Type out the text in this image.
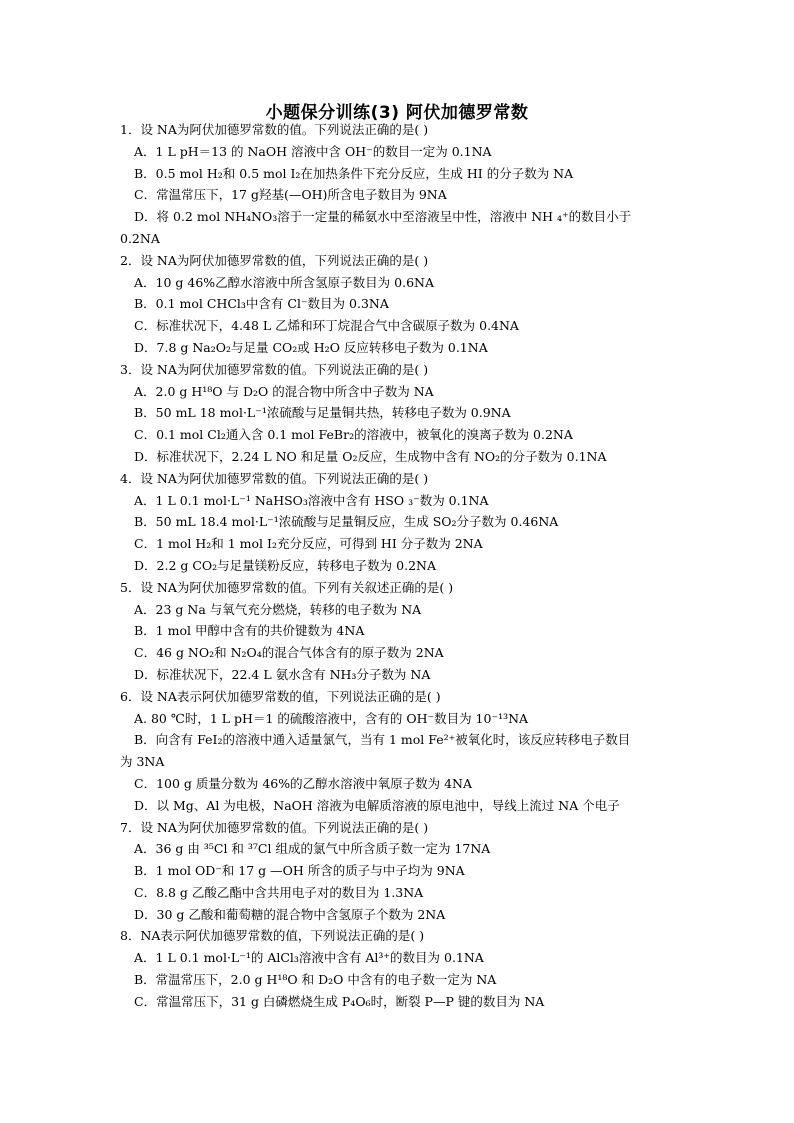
小题保分训练(3) 阿伏加德罗常数
1．设 NA为阿伏加德罗常数的值。下列说法正确的是( )
A．1 L pH＝13 的 NaOH 溶液中含 OH⁻的数目一定为 0.1NA
B．0.5 mol H₂和 0.5 mol I₂在加热条件下充分反应，生成 HI 的分子数为 NA
C．常温常压下，17 g羟基(—OH)所含电子数目为 9NA
D．将 0.2 mol NH₄NO₃溶于一定量的稀氨水中至溶液呈中性，溶液中 NH ₄⁺的数目小于
0.2NA
2．设 NA为阿伏加德罗常数的值，下列说法正确的是( )
A．10 g 46%乙醇水溶液中所含氢原子数目为 0.6NA
B．0.1 mol CHCl₃中含有 Cl⁻数目为 0.3NA
C．标准状况下，4.48 L 乙烯和环丁烷混合气中含碳原子数为 0.4NA
D．7.8 g Na₂O₂与足量 CO₂或 H₂O 反应转移电子数为 0.1NA
3．设 NA为阿伏加德罗常数的值。下列说法正确的是( )
A．2.0 g H¹⁸O 与 D₂O 的混合物中所含中子数为 NA
B．50 mL 18 mol·L⁻¹浓硫酸与足量铜共热，转移电子数为 0.9NA
C．0.1 mol Cl₂通入含 0.1 mol FeBr₂的溶液中，被氧化的溴离子数为 0.2NA
D．标准状况下，2.24 L NO 和足量 O₂反应，生成物中含有 NO₂的分子数为 0.1NA
4．设 NA为阿伏加德罗常数的值。下列说法正确的是( )
A．1 L 0.1 mol·L⁻¹ NaHSO₃溶液中含有 HSO ₃⁻数为 0.1NA
B．50 mL 18.4 mol·L⁻¹浓硫酸与足量铜反应，生成 SO₂分子数为 0.46NA
C．1 mol H₂和 1 mol I₂充分反应，可得到 HI 分子数为 2NA
D．2.2 g CO₂与足量镁粉反应，转移电子数为 0.2NA
5．设 NA为阿伏加德罗常数的值。下列有关叙述正确的是( )
A．23 g Na 与氧气充分燃烧，转移的电子数为 NA
B．1 mol 甲醇中含有的共价键数为 4NA
C．46 g NO₂和 N₂O₄的混合气体含有的原子数为 2NA
D．标准状况下，22.4 L 氨水含有 NH₃分子数为 NA
6．设 NA表示阿伏加德罗常数的值，下列说法正确的是( )
A. 80 ℃时，1 L pH＝1 的硫酸溶液中，含有的 OH⁻数目为 10⁻¹³NA
B．向含有 FeI₂的溶液中通入适量氯气，当有 1 mol Fe²⁺被氧化时，该反应转移电子数目
为 3NA
C．100 g 质量分数为 46%的乙醇水溶液中氧原子数为 4NA
D．以 Mg、Al 为电极，NaOH 溶液为电解质溶液的原电池中，导线上流过 NA 个电子
7．设 NA为阿伏加德罗常数的值。下列说法正确的是( )
A．36 g 由 ³⁵Cl 和 ³⁷Cl 组成的氯气中所含质子数一定为 17NA
B．1 mol OD⁻和 17 g —OH 所含的质子与中子均为 9NA
C．8.8 g 乙酸乙酯中含共用电子对的数目为 1.3NA
D．30 g 乙酸和葡萄糖的混合物中含氢原子个数为 2NA
8．NA表示阿伏加德罗常数的值，下列说法正确的是( )
A．1 L 0.1 mol·L⁻¹的 AlCl₃溶液中含有 Al³⁺的数目为 0.1NA
B．常温常压下，2.0 g H¹⁸O 和 D₂O 中含有的电子数一定为 NA
C．常温常压下，31 g 白磷燃烧生成 P₄O₆时，断裂 P—P 键的数目为 NA
